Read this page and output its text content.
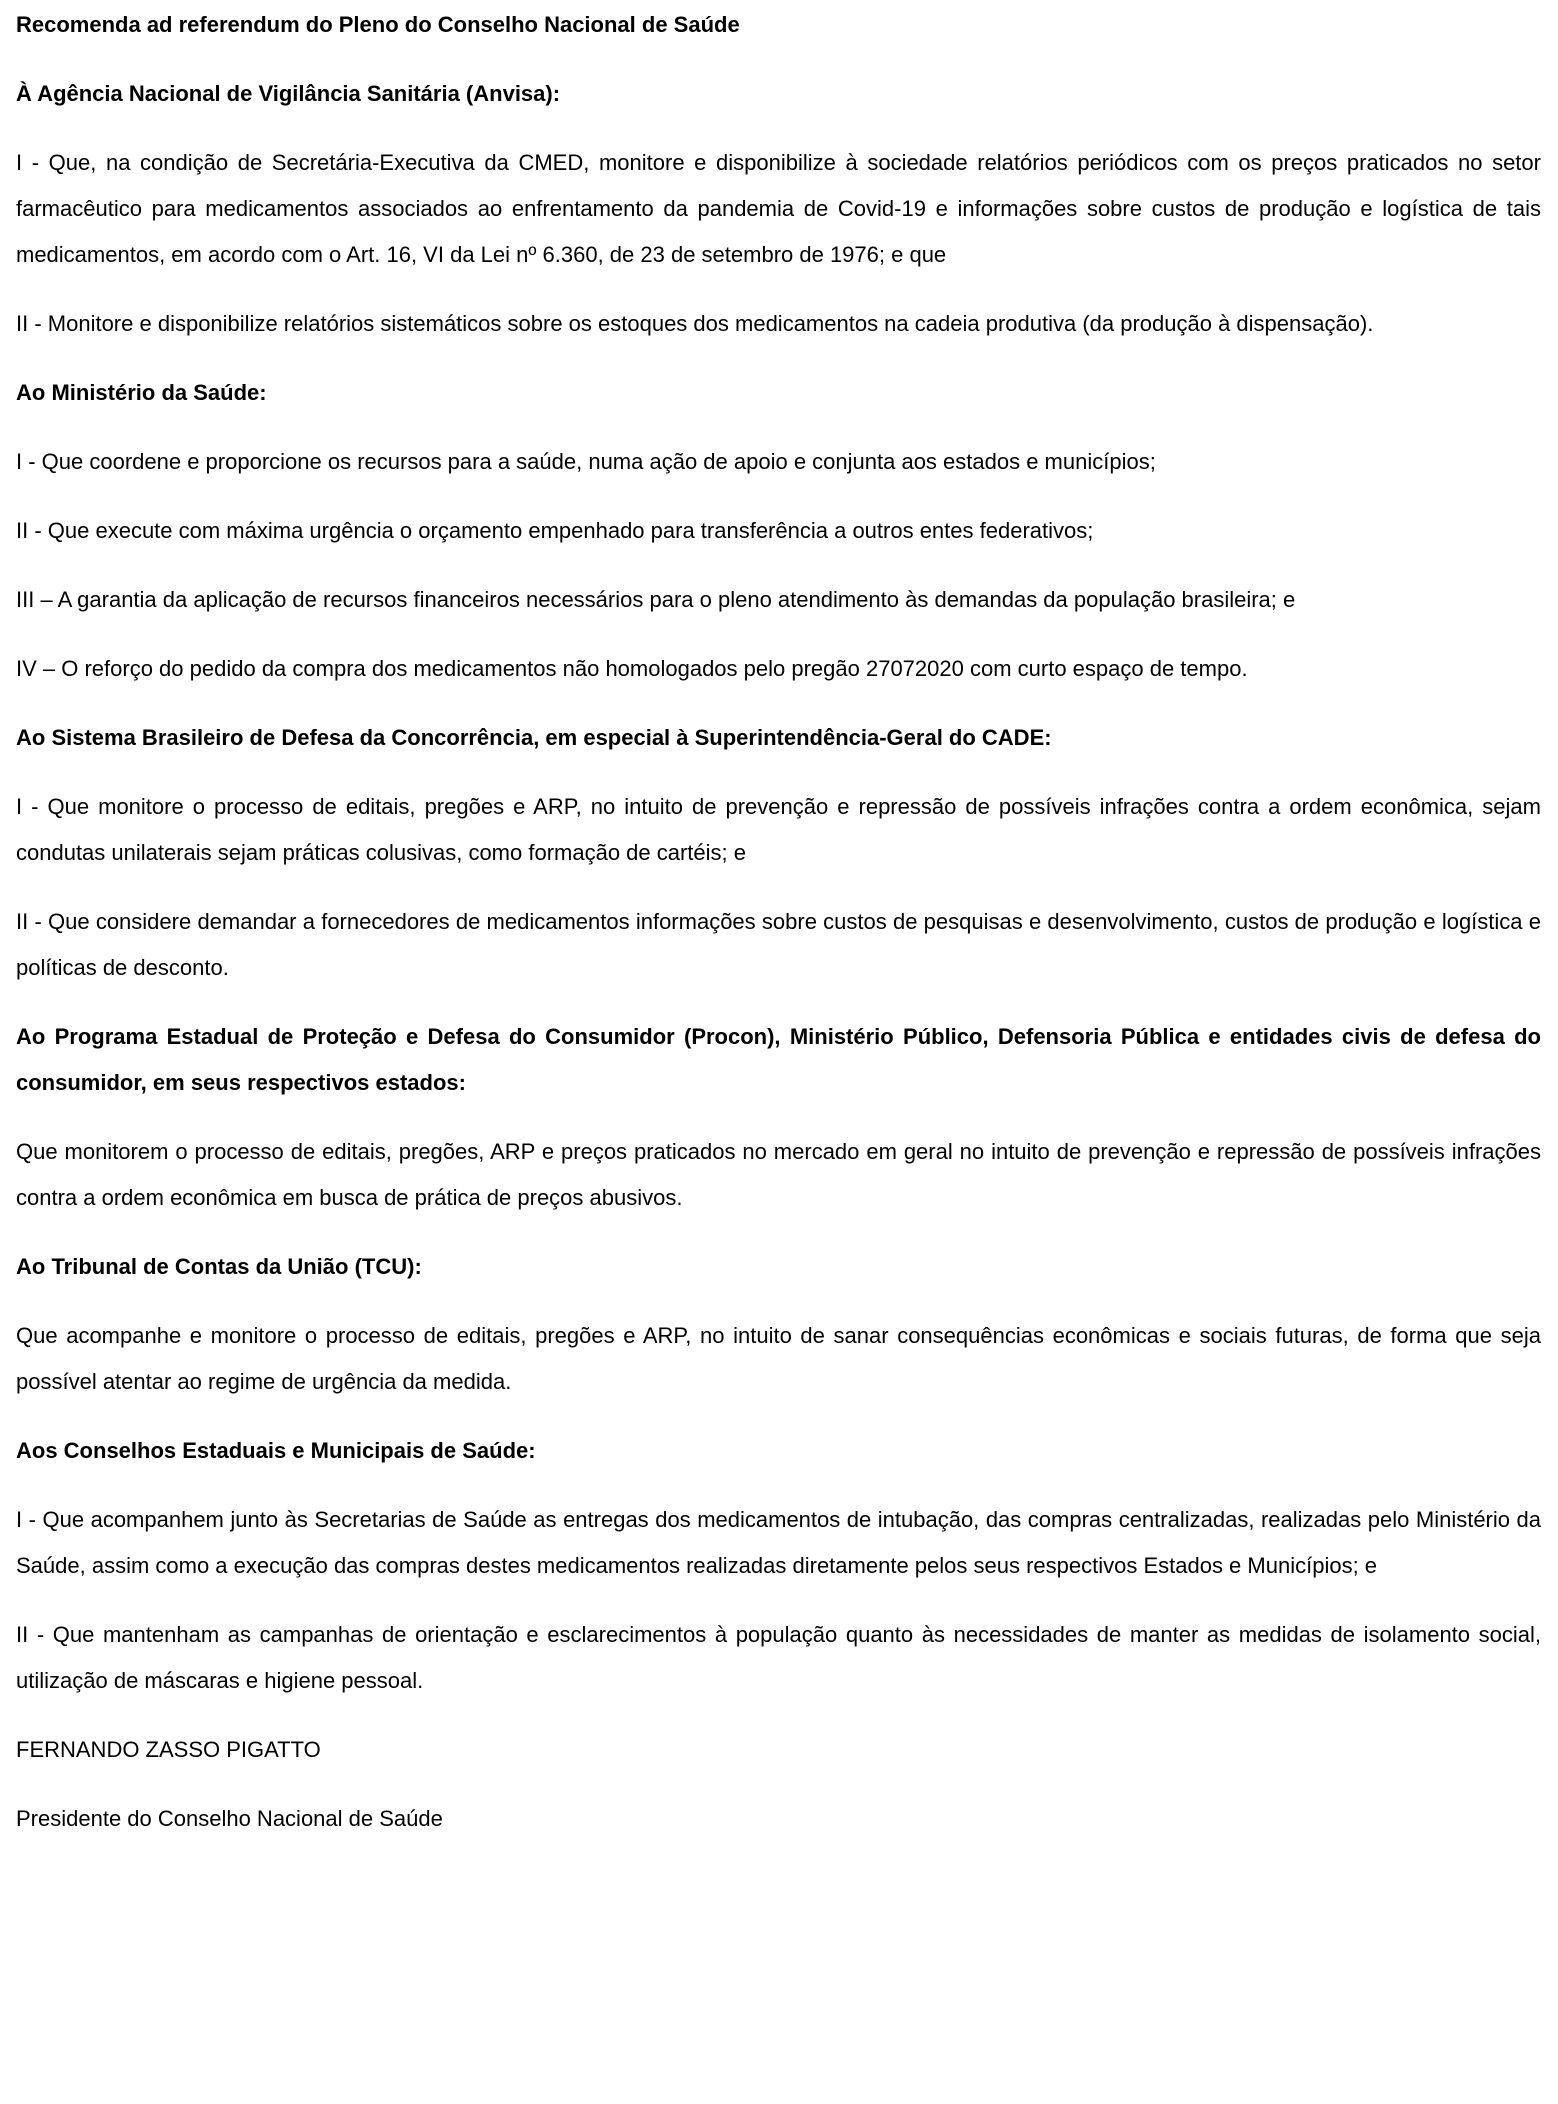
Recomenda ad referendum do Pleno do Conselho Nacional de Saúde

À Agência Nacional de Vigilância Sanitária (Anvisa):

I - Que, na condição de Secretária-Executiva da CMED, monitore e disponibilize à sociedade relatórios periódicos com os preços praticados no setor farmacêutico para medicamentos associados ao enfrentamento da pandemia de Covid-19 e informações sobre custos de produção e logística de tais medicamentos, em acordo com o Art. 16, VI da Lei nº 6.360, de 23 de setembro de 1976; e que

II - Monitore e disponibilize relatórios sistemáticos sobre os estoques dos medicamentos na cadeia produtiva (da produção à dispensação).

Ao Ministério da Saúde:

I - Que coordene e proporcione os recursos para a saúde, numa ação de apoio e conjunta aos estados e municípios;

II - Que execute com máxima urgência o orçamento empenhado para transferência a outros entes federativos;

III – A garantia da aplicação de recursos financeiros necessários para o pleno atendimento às demandas da população brasileira; e

IV – O reforço do pedido da compra dos medicamentos não homologados pelo pregão 27072020 com curto espaço de tempo.

Ao Sistema Brasileiro de Defesa da Concorrência, em especial à Superintendência-Geral do CADE:

I - Que monitore o processo de editais, pregões e ARP, no intuito de prevenção e repressão de possíveis infrações contra a ordem econômica, sejam condutas unilaterais sejam práticas colusivas, como formação de cartéis; e

II - Que considere demandar a fornecedores de medicamentos informações sobre custos de pesquisas e desenvolvimento, custos de produção e logística e políticas de desconto.

Ao Programa Estadual de Proteção e Defesa do Consumidor (Procon), Ministério Público, Defensoria Pública e entidades civis de defesa do consumidor, em seus respectivos estados:

Que monitorem o processo de editais, pregões, ARP e preços praticados no mercado em geral no intuito de prevenção e repressão de possíveis infrações contra a ordem econômica em busca de prática de preços abusivos.

Ao Tribunal de Contas da União (TCU):

Que acompanhe e monitore o processo de editais, pregões e ARP, no intuito de sanar consequências econômicas e sociais futuras, de forma que seja possível atentar ao regime de urgência da medida.

Aos Conselhos Estaduais e Municipais de Saúde:

I - Que acompanhem junto às Secretarias de Saúde as entregas dos medicamentos de intubação, das compras centralizadas, realizadas pelo Ministério da Saúde, assim como a execução das compras destes medicamentos realizadas diretamente pelos seus respectivos Estados e Municípios; e

II - Que mantenham as campanhas de orientação e esclarecimentos à população quanto às necessidades de manter as medidas de isolamento social, utilização de máscaras e higiene pessoal.

FERNANDO ZASSO PIGATTO

Presidente do Conselho Nacional de Saúde
